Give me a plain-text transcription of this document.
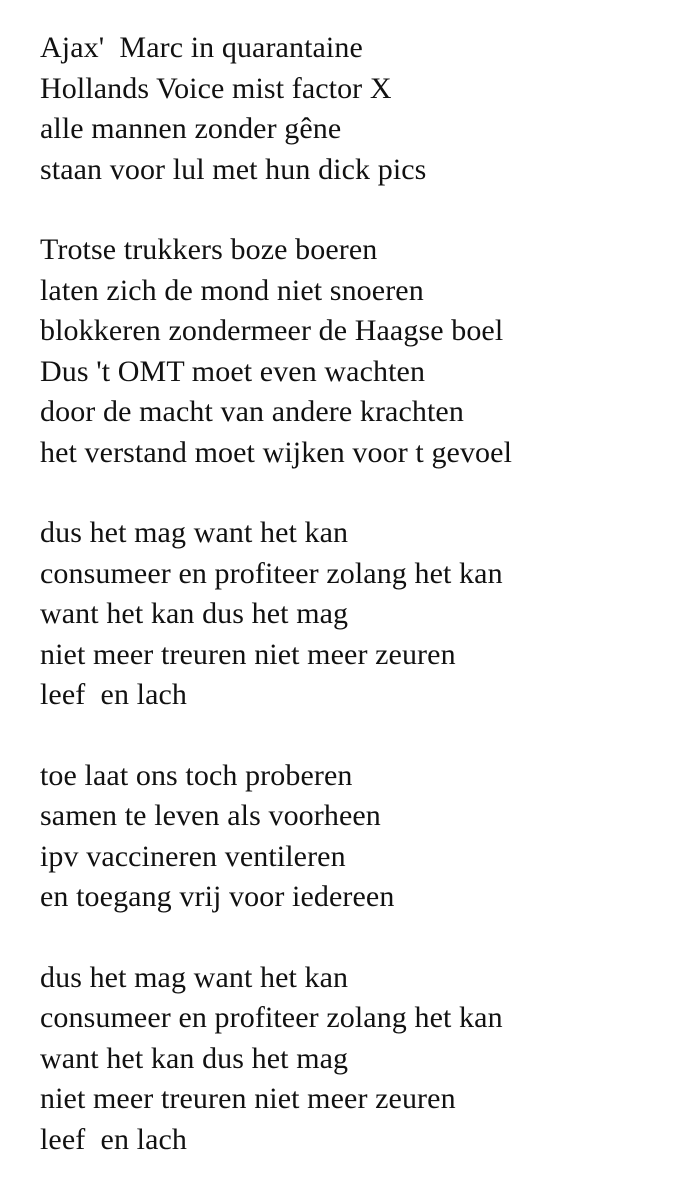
Ajax'  Marc in quarantaine
Hollands Voice mist factor X
alle mannen zonder gêne
staan voor lul met hun dick pics
Trotse trukkers boze boeren
laten zich de mond niet snoeren
blokkeren zondermeer de Haagse boel
Dus 't OMT moet even wachten
door de macht van andere krachten
het verstand moet wijken voor t gevoel
dus het mag want het kan
consumeer en profiteer zolang het kan
want het kan dus het mag
niet meer treuren niet meer zeuren
leef  en lach
toe laat ons toch proberen
samen te leven als voorheen
ipv vaccineren ventileren
en toegang vrij voor iedereen
dus het mag want het kan
consumeer en profiteer zolang het kan
want het kan dus het mag
niet meer treuren niet meer zeuren
leef  en lach
